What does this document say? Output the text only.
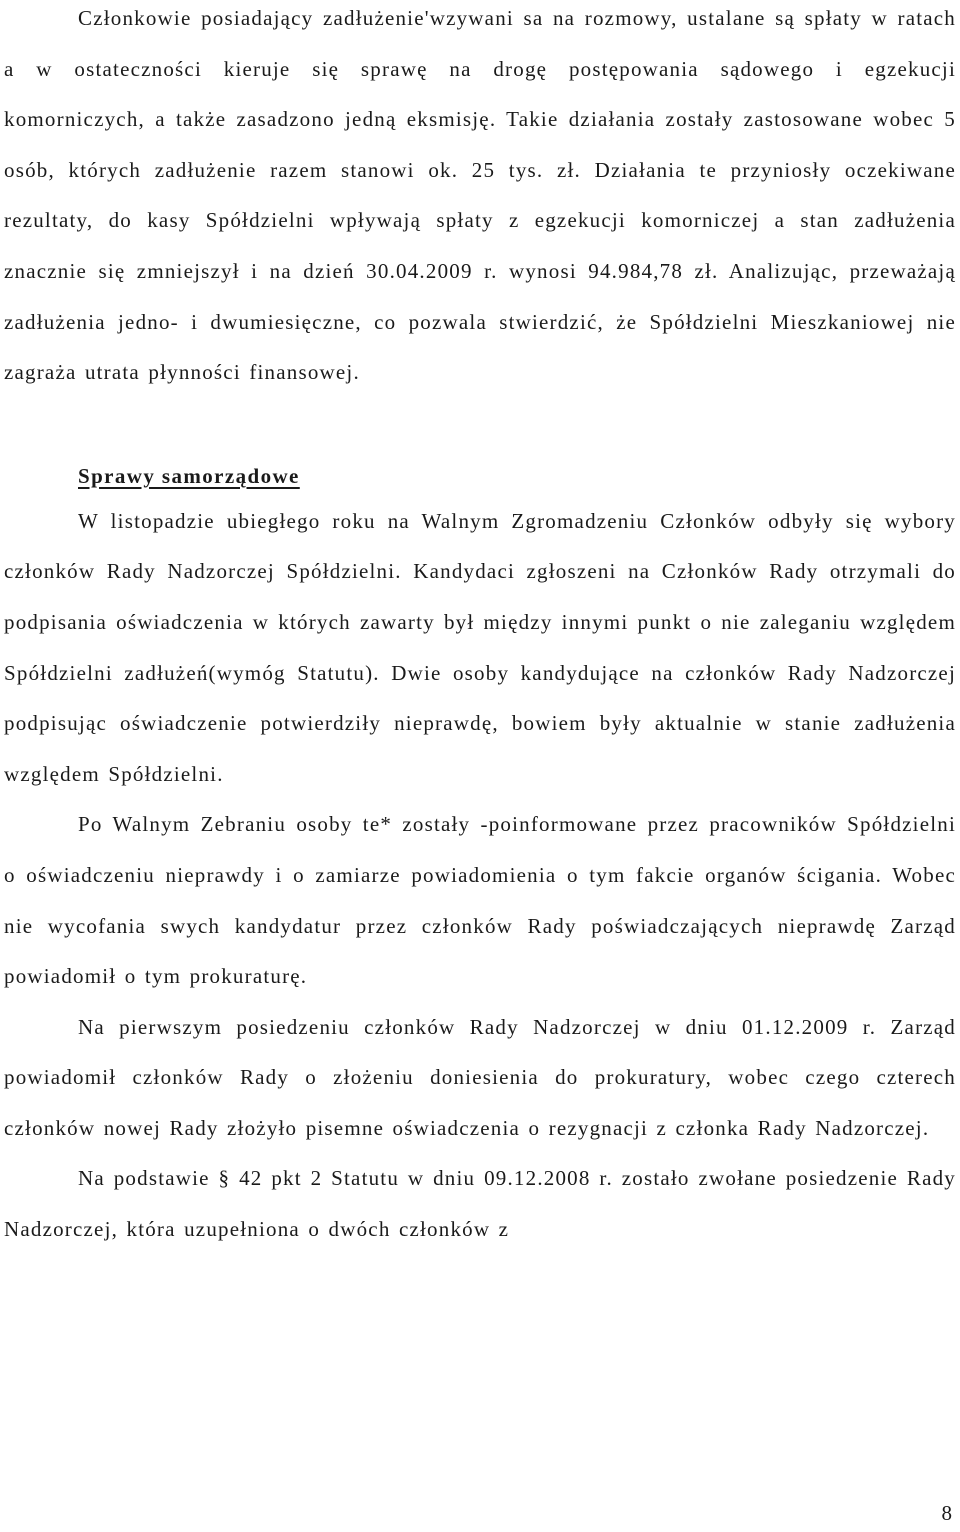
Członkowie posiadający zadłużenie'wzywani sa na rozmowy, ustalane są spłaty w ratach a w ostateczności kieruje się sprawę na drogę postępowania sądowego i egzekucji komorniczych, a także zasadzono jedną eksmisję. Takie działania zostały zastosowane wobec 5 osób, których zadłużenie razem stanowi ok. 25 tys. zł. Działania te przyniosły oczekiwane rezultaty, do kasy Spółdzielni wpływają spłaty z egzekucji komorniczej a stan zadłużenia znacznie się zmniejszył i na dzień 30.04.2009 r. wynosi 94.984,78 zł. Analizując, przeważają zadłużenia jedno- i dwumiesięczne, co pozwala stwierdzić, że Spółdzielni Mieszkaniowej nie zagraża utrata płynności finansowej.

Sprawy samorządowe

W listopadzie ubiegłego roku na Walnym Zgromadzeniu Członków odbyły się wybory członków Rady Nadzorczej Spółdzielni. Kandydaci zgłoszeni na Członków Rady otrzymali do podpisania oświadczenia w których zawarty był między innymi punkt o nie zaleganiu względem Spółdzielni zadłużeń(wymóg Statutu). Dwie osoby kandydujące na członków Rady Nadzorczej podpisując oświadczenie potwierdziły nieprawdę, bowiem były aktualnie w stanie zadłużenia względem Spółdzielni.

Po Walnym Zebraniu osoby te* zostały -poinformowane przez pracowników Spółdzielni o oświadczeniu nieprawdy i o zamiarze powiadomienia o tym fakcie organów ścigania. Wobec nie wycofania swych kandydatur przez członków Rady poświadczających nieprawdę Zarząd powiadomił o tym prokuraturę.

Na pierwszym posiedzeniu członków Rady Nadzorczej w dniu 01.12.2009 r. Zarząd powiadomił członków Rady o złożeniu doniesienia do prokuratury, wobec czego czterech członków nowej Rady złożyło pisemne oświadczenia o rezygnacji z członka Rady Nadzorczej.

Na podstawie § 42 pkt 2 Statutu w dniu 09.12.2008 r. zostało zwołane posiedzenie Rady Nadzorczej, która uzupełniona o dwóch członków z

8
